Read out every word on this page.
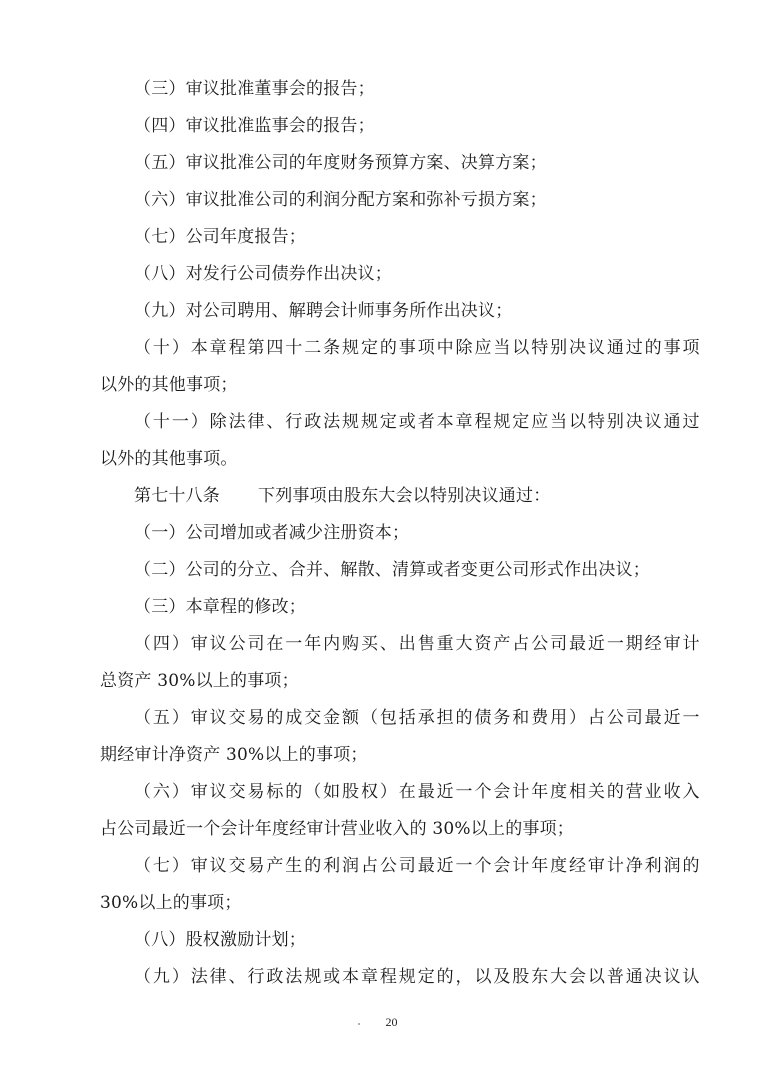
（三）审议批准董事会的报告；
（四）审议批准监事会的报告；
（五）审议批准公司的年度财务预算方案、决算方案；
（六）审议批准公司的利润分配方案和弥补亏损方案；
（七）公司年度报告；
（八）对发行公司债券作出决议；
（九）对公司聘用、解聘会计师事务所作出决议；
（十）本章程第四十二条规定的事项中除应当以特别决议通过的事项
以外的其他事项；
（十一）除法律、行政法规规定或者本章程规定应当以特别决议通过
以外的其他事项。
第七十八条 下列事项由股东大会以特别决议通过：
（一）公司增加或者减少注册资本；
（二）公司的分立、合并、解散、清算或者变更公司形式作出决议；
（三）本章程的修改；
（四）审议公司在一年内购买、出售重大资产占公司最近一期经审计
总资产 30%以上的事项；
（五）审议交易的成交金额（包括承担的债务和费用）占公司最近一
期经审计净资产 30%以上的事项；
（六）审议交易标的（如股权）在最近一个会计年度相关的营业收入
占公司最近一个会计年度经审计营业收入的 30%以上的事项；
（七）审议交易产生的利润占公司最近一个会计年度经审计净利润的
30%以上的事项；
（八）股权激励计划；
（九）法律、行政法规或本章程规定的，以及股东大会以普通决议认
20
